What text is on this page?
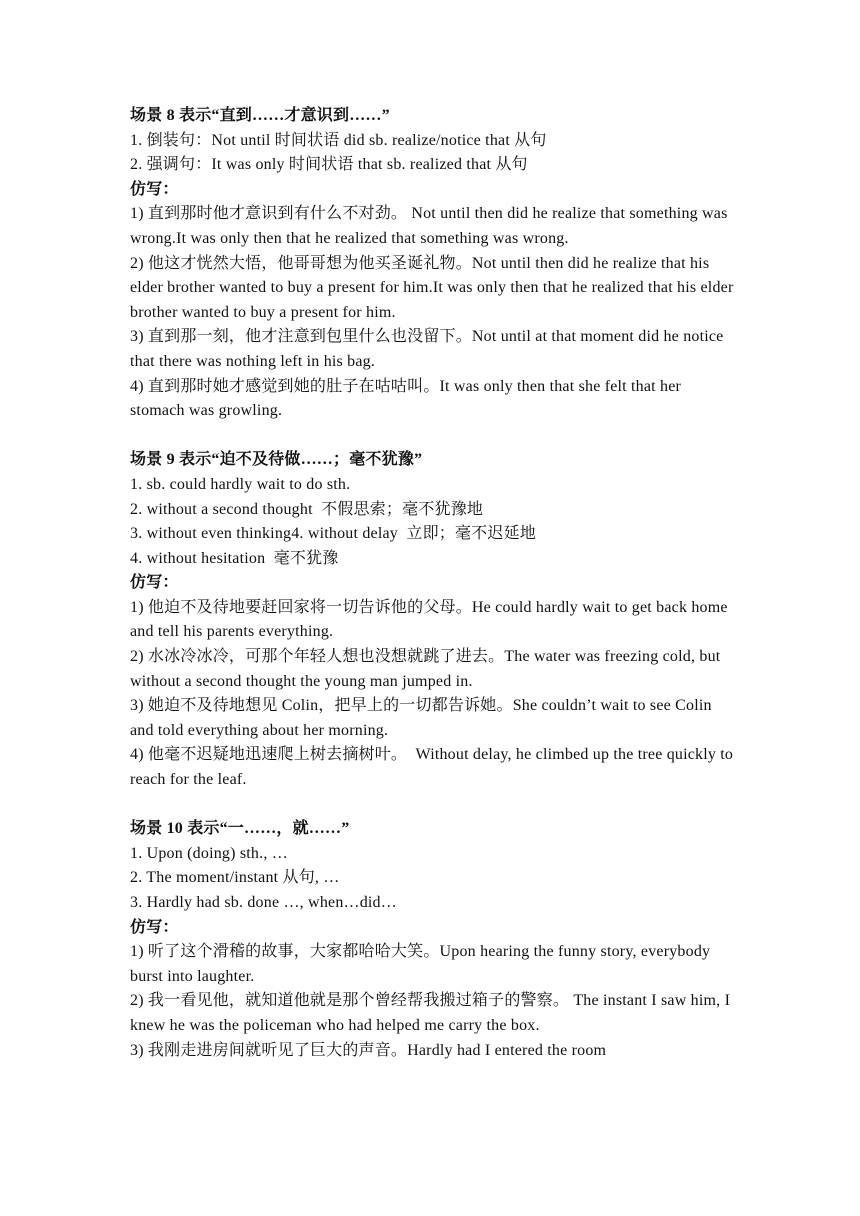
场景 8 表示“直到……才意识到……”
1. 倒装句：Not until 时间状语 did sb. realize/notice that 从句
2. 强调句：It was only 时间状语 that sb. realized that 从句
仿写：
1) 直到那时他才意识到有什么不对劲。 Not until then did he realize that something was wrong.It was only then that he realized that something was wrong.
2) 他这才恍然大悟，他哥哥想为他买圣诞礼物。Not until then did he realize that his elder brother wanted to buy a present for him.It was only then that he realized that his elder brother wanted to buy a present for him.
3) 直到那一刻，他才注意到包里什么也没留下。Not until at that moment did he notice that there was nothing left in his bag.
4) 直到那时她才感觉到她的肚子在咕咕叫。It was only then that she felt that her stomach was growling.
场景 9 表示“迫不及待做……；毫不犹豫”
1. sb. could hardly wait to do sth.
2. without a second thought  不假思索；毫不犹豫地
3. without even thinking4. without delay  立即；毫不迟延地
4. without hesitation  毫不犹豫
仿写：
1) 他迫不及待地要赶回家将一切告诉他的父母。He could hardly wait to get back home and tell his parents everything.
2) 水冰冷冰冷，可那个年轻人想也没想就跳了进去。The water was freezing cold, but without a second thought the young man jumped in.
3) 她迫不及待地想见 Colin，把早上的一切都告诉她。She couldn’t wait to see Colin and told everything about her morning.
4) 他毫不迟疑地迅速爬上树去摘树叶。  Without delay, he climbed up the tree quickly to reach for the leaf.
场景 10 表示“一……，就……”
1. Upon (doing) sth., …
2. The moment/instant 从句, …
3. Hardly had sb. done …, when…did…
仿写：
1) 听了这个滑稽的故事，大家都哈哈大笑。Upon hearing the funny story, everybody burst into laughter.
2) 我一看见他，就知道他就是那个曾经帮我搬过箱子的警察。 The instant I saw him, I knew he was the policeman who had helped me carry the box.
3) 我刚走进房间就听见了巨大的声音。Hardly had I entered the room
